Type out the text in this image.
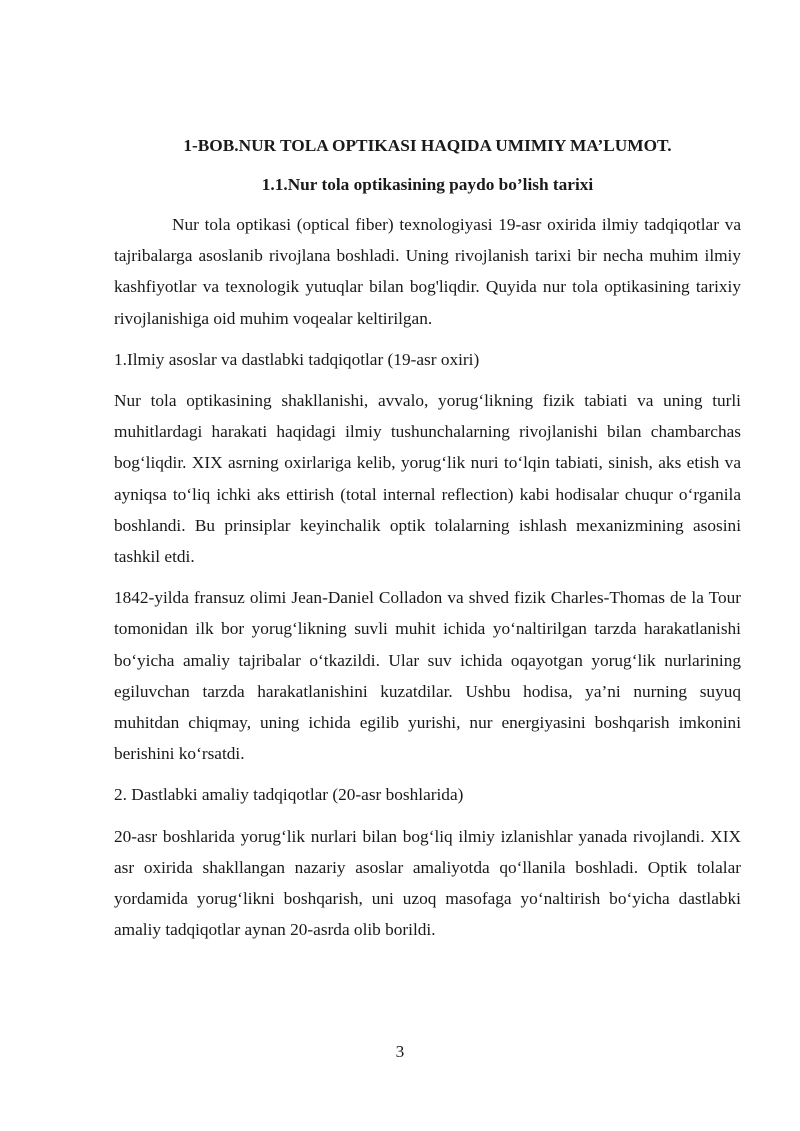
1-BOB.NUR TOLA OPTIKASI HAQIDA UMIMIY MA’LUMOT.
1.1.Nur tola optikasining paydo bo’lish tarixi

Nur tola optikasi (optical fiber) texnologiyasi 19-asr oxirida ilmiy tadqiqotlar va tajribalarga asoslanib rivojlana boshladi. Uning rivojlanish tarixi bir necha muhim ilmiy kashfiyotlar va texnologik yutuqlar bilan bog'liqdir. Quyida nur tola optikasining tarixiy rivojlanishiga oid muhim voqealar keltirilgan.

1.Ilmiy asoslar va dastlabki tadqiqotlar (19-asr oxiri)

Nur tola optikasining shakllanishi, avvalo, yorug‘likning fizik tabiati va uning turli muhitlardagi harakati haqidagi ilmiy tushunchalarning rivojlanishi bilan chambarchas bog‘liqdir. XIX asrning oxirlariga kelib, yorug‘lik nuri to‘lqin tabiati, sinish, aks etish va ayniqsa to‘liq ichki aks ettirish (total internal reflection) kabi hodisalar chuqur o‘rganila boshlandi. Bu prinsiplar keyinchalik optik tolalarning ishlash mexanizmining asosini tashkil etdi.

1842-yilda fransuz olimi Jean-Daniel Colladon va shved fizik Charles-Thomas de la Tour tomonidan ilk bor yorug‘likning suvli muhit ichida yo‘naltirilgan tarzda harakatlanishi bo‘yicha amaliy tajribalar o‘tkazildi. Ular suv ichida oqayotgan yorug‘lik nurlarining egiluvchan tarzda harakatlanishini kuzatdilar. Ushbu hodisa, ya’ni nurning suyuq muhitdan chiqmay, uning ichida egilib yurishi, nur energiyasini boshqarish imkonini berishini ko‘rsatdi.

2. Dastlabki amaliy tadqiqotlar (20-asr boshlarida)

20-asr boshlarida yorug‘lik nurlari bilan bog‘liq ilmiy izlanishlar yanada rivojlandi. XIX asr oxirida shakllangan nazariy asoslar amaliyotda qo‘llanila boshladi. Optik tolalar yordamida yorug‘likni boshqarish, uni uzoq masofaga yo‘naltirish bo‘yicha dastlabki amaliy tadqiqotlar aynan 20-asrda olib borildi.

3
